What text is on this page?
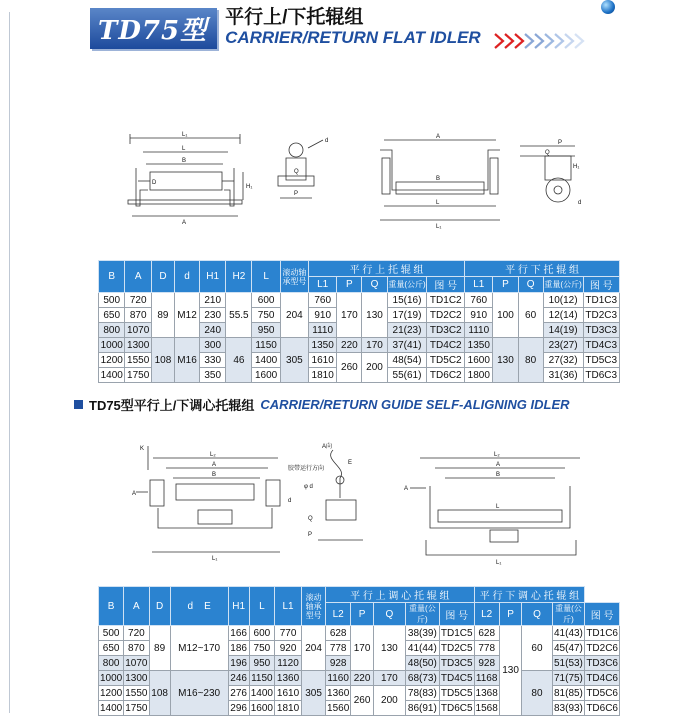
TD75型 平行上/下托辊组
CARRIER/RETURN FLAT IDLER
L₁
L
B
A
H₁
D
d
P
Q
A
B
L
L₁
H₁
P
Q
d
B	A	D	d	H1	H2	L	滚动轴承型号	平 行 上 托 辊 组					平 行 下 托 辊 组				
								L1	P	Q	重量(公斤)	图 号	L1	P	Q	重量(公斤)	图 号
500	720	89	M12	210	55.5	600	204	760	170	130	15(16)	TD1C2	760	100	60	10(12)	TD1C3
650	870			230		750		910			17(19)	TD2C2	910			12(14)	TD2C3
800	1070			240		950		1110			21(23)	TD3C2	1110			14(19)	TD3C3
1000	1300	108	M16	300	46	1150	305	1350	220	170	37(41)	TD4C2	1350	130	80	23(27)	TD4C3
1200	1550			330		1400		1610	260	200	48(54)	TD5C2	1600			27(32)	TD5C3
1400	1750			350		1600		1810			55(61)	TD6C2	1800			31(36)	TD6C3
TD75型平行上/下调心托辊组 CARRIER/RETURN GUIDE SELF-ALIGNING IDLER
K
L₂
A
B
L₁
胶带运行方向
A向
φ d
E
A
d
P
Q
L₂
A
B
L
L₁
A
B	A	D	d E	H1	L	L1	滚动轴承型号	平 行 上 调 心 托 辊 组					平 行 下 调 心 托 辊 组				
								L2	P	Q	重量(公斤)	图 号	L2	P	Q	重量(公斤)	图 号
500	720	89	M12~170	166	600	770	204	628	170	130	38(39)	TD1C5	628	130	60	41(43)	TD1C6
650	870			186	750	920		778			41(44)	TD2C5	778			45(47)	TD2C6
800	1070			196	950	1120		928			48(50)	TD3C5	928			51(53)	TD3C6
1000	1300	108	M16~230	246	1150	1360	305	1160	220	170	68(73)	TD4C5	1168		80	71(75)	TD4C6
1200	1550			276	1400	1610		1360	260	200	78(83)	TD5C5	1368			81(85)	TD5C6
1400	1750			296	1600	1810		1560			86(91)	TD6C5	1568			83(93)	TD6C6
